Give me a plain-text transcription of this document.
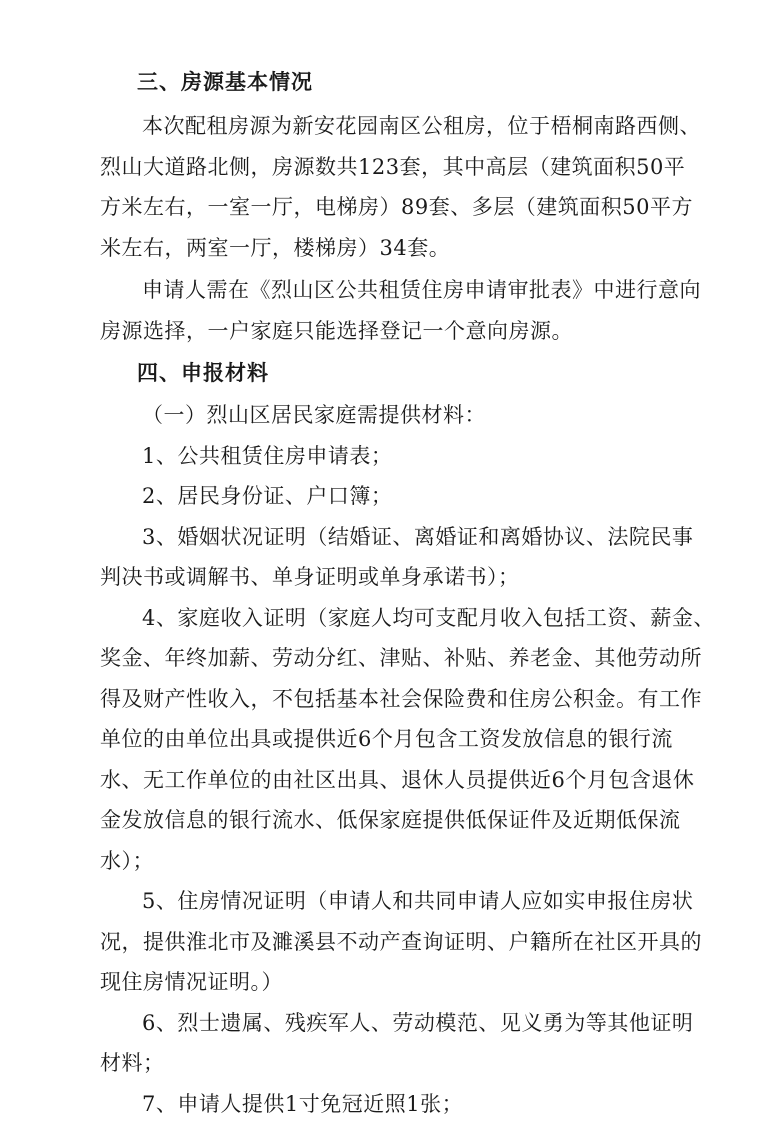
三、房源基本情况
本次配租房源为新安花园南区公租房，位于梧桐南路西侧、
烈山大道路北侧，房源数共123套，其中高层（建筑面积50平
方米左右，一室一厅，电梯房）89套、多层（建筑面积50平方
米左右，两室一厅，楼梯房）34套。
申请人需在《烈山区公共租赁住房申请审批表》中进行意向
房源选择，一户家庭只能选择登记一个意向房源。
四、申报材料
（一）烈山区居民家庭需提供材料：
1、公共租赁住房申请表；
2、居民身份证、户口簿；
3、婚姻状况证明（结婚证、离婚证和离婚协议、法院民事
判决书或调解书、单身证明或单身承诺书）；
4、家庭收入证明（家庭人均可支配月收入包括工资、薪金、
奖金、年终加薪、劳动分红、津贴、补贴、养老金、其他劳动所
得及财产性收入，不包括基本社会保险费和住房公积金。有工作
单位的由单位出具或提供近6个月包含工资发放信息的银行流
水、无工作单位的由社区出具、退休人员提供近6个月包含退休
金发放信息的银行流水、低保家庭提供低保证件及近期低保流
水）；
5、住房情况证明（申请人和共同申请人应如实申报住房状
况，提供淮北市及濉溪县不动产查询证明、户籍所在社区开具的
现住房情况证明。）
6、烈士遗属、残疾军人、劳动模范、见义勇为等其他证明
材料；
7、申请人提供1寸免冠近照1张；
